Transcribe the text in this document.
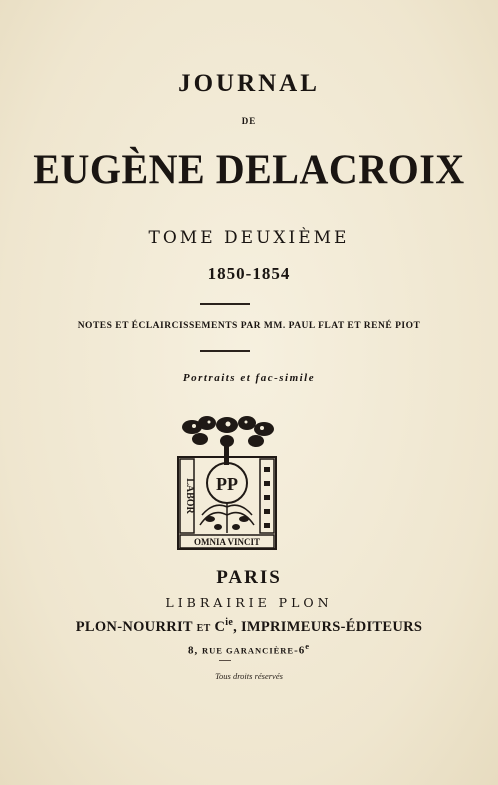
JOURNAL
DE
EUGÈNE DELACROIX
TOME DEUXIÈME
1850-1854
NOTES ET ÉCLAIRCISSEMENTS PAR MM. PAUL FLAT ET RENÉ PIOT
Portraits et fac-simile
LABOR PP
OMNIA VINCIT
PARIS
LIBRAIRIE PLON
PLON-NOURRIT ET $C^{ie}$, IMPRIMEURS-ÉDITEURS
8, RUE GARANCIÈRE-6e
Tous droits réservés
